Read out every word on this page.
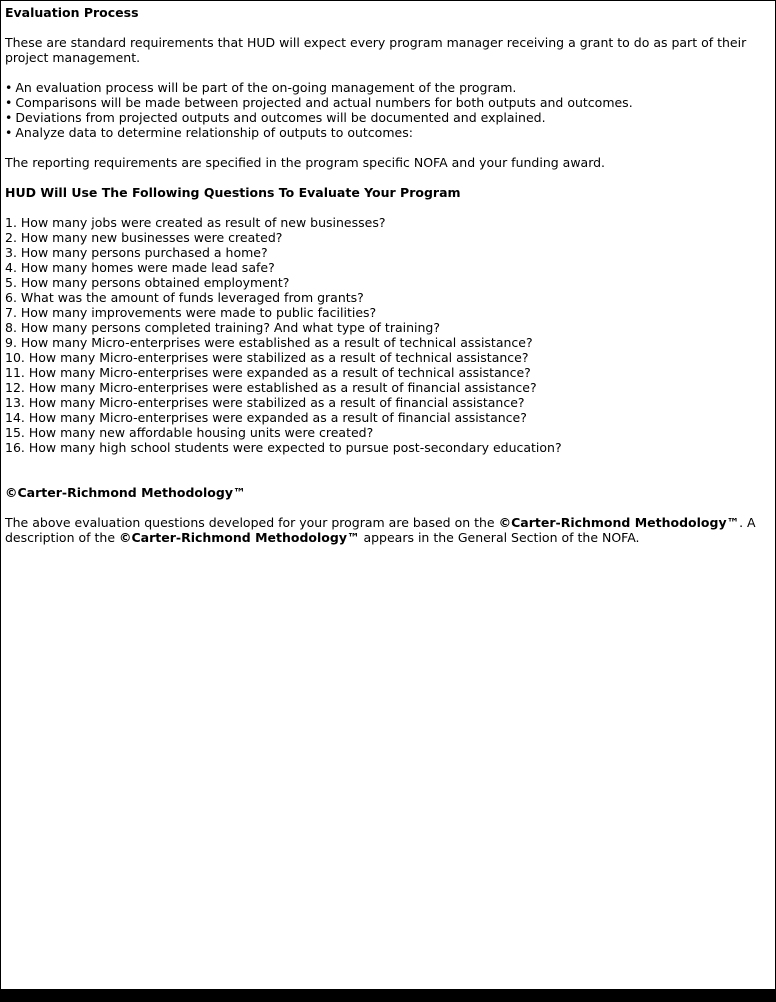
Evaluation Process
These are standard requirements that HUD will expect every program manager receiving a grant to do as part of their project management.
• An evaluation process will be part of the on-going management of the program.
• Comparisons will be made between projected and actual numbers for both outputs and outcomes.
• Deviations from projected outputs and outcomes will be documented and explained.
• Analyze data to determine relationship of outputs to outcomes:
The reporting requirements are specified in the program specific NOFA and your funding award.
HUD Will Use The Following Questions To Evaluate Your Program
1. How many jobs were created as result of new businesses?
2. How many new businesses were created?
3. How many persons purchased a home?
4. How many homes were made lead safe?
5. How many persons obtained employment?
6. What was the amount of funds leveraged from grants?
7. How many improvements were made to public facilities?
8. How many persons completed training? And what type of training?
9. How many Micro-enterprises were established as a result of technical assistance?
10. How many Micro-enterprises were stabilized as a result of technical assistance?
11. How many Micro-enterprises were expanded as a result of technical assistance?
12. How many Micro-enterprises were established as a result of financial assistance?
13. How many Micro-enterprises were stabilized as a result of financial assistance?
14. How many Micro-enterprises were expanded as a result of financial assistance?
15. How many new affordable housing units were created?
16. How many high school students were expected to pursue post-secondary education?
©Carter-Richmond Methodology™
The above evaluation questions developed for your program are based on the ©Carter-Richmond Methodology™. A description of the ©Carter-Richmond Methodology™ appears in the General Section of the NOFA.
